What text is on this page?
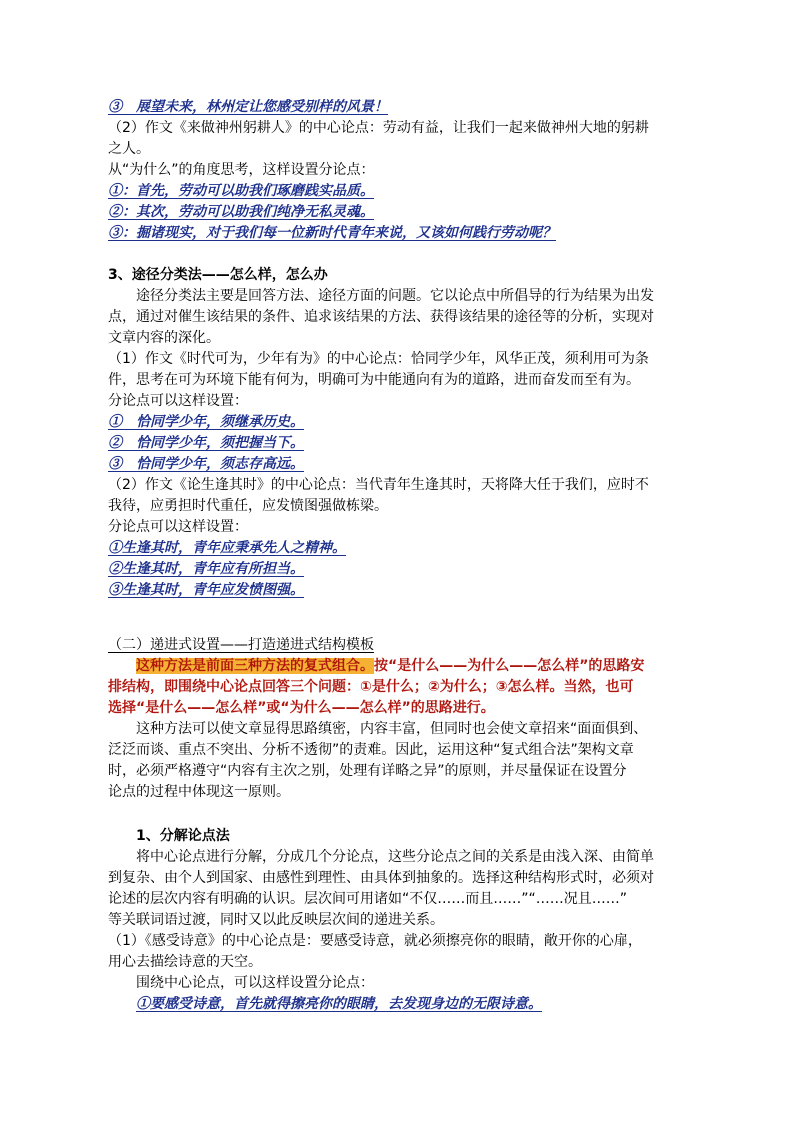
③　展望未来，林州定让您感受别样的风景！
（2）作文《来做神州躬耕人》的中心论点：劳动有益，让我们一起来做神州大地的躬耕
之人。
从“为什么”的角度思考，这样设置分论点：
①：首先，劳动可以助我们琢磨践实品质。
②：其次，劳动可以助我们纯净无私灵魂。
③：掘诸现实，对于我们每一位新时代青年来说，又该如何践行劳动呢？
3、途径分类法——怎么样，怎么办
途径分类法主要是回答方法、途径方面的问题。它以论点中所倡导的行为结果为出发
点，通过对催生该结果的条件、追求该结果的方法、获得该结果的途径等的分析，实现对
文章内容的深化。
（1）作文《时代可为，少年有为》的中心论点：恰同学少年，风华正茂，须利用可为条
件，思考在可为环境下能有何为，明确可为中能通向有为的道路，进而奋发而至有为。
分论点可以这样设置：
①　恰同学少年，须继承历史。
②　恰同学少年，须把握当下。
③　恰同学少年，须志存高远。
（2）作文《论生逢其时》的中心论点：当代青年生逢其时，天将降大任于我们，应时不
我待，应勇担时代重任，应发愤图强做栋梁。
分论点可以这样设置：
①生逢其时，青年应秉承先人之精神。
②生逢其时，青年应有所担当。
③生逢其时，青年应发愤图强。
（二）递进式设置——打造递进式结构模板
这种方法是前面三种方法的复式组合。按“是什么——为什么——怎么样”的思路安
排结构，即围绕中心论点回答三个问题：①是什么；②为什么；③怎么样。当然，也可
选择“是什么——怎么样”或“为什么——怎么样”的思路进行。
这种方法可以使文章显得思路缜密，内容丰富，但同时也会使文章招来“面面俱到、
泛泛而谈、重点不突出、分析不透彻”的责难。因此，运用这种“复式组合法”架构文章
时，必须严格遵守“内容有主次之别，处理有详略之异”的原则，并尽量保证在设置分
论点的过程中体现这一原则。
1、分解论点法
将中心论点进行分解，分成几个分论点，这些分论点之间的关系是由浅入深、由简单
到复杂、由个人到国家、由感性到理性、由具体到抽象的。选择这种结构形式时，必须对
论述的层次内容有明确的认识。层次间可用诸如“不仅……而且……”“……况且……”
等关联词语过渡，同时又以此反映层次间的递进关系。
（1）《感受诗意》的中心论点是：要感受诗意，就必须擦亮你的眼睛，敞开你的心扉，
用心去描绘诗意的天空。
围绕中心论点，可以这样设置分论点：
①要感受诗意，首先就得擦亮你的眼睛，去发现身边的无限诗意。
